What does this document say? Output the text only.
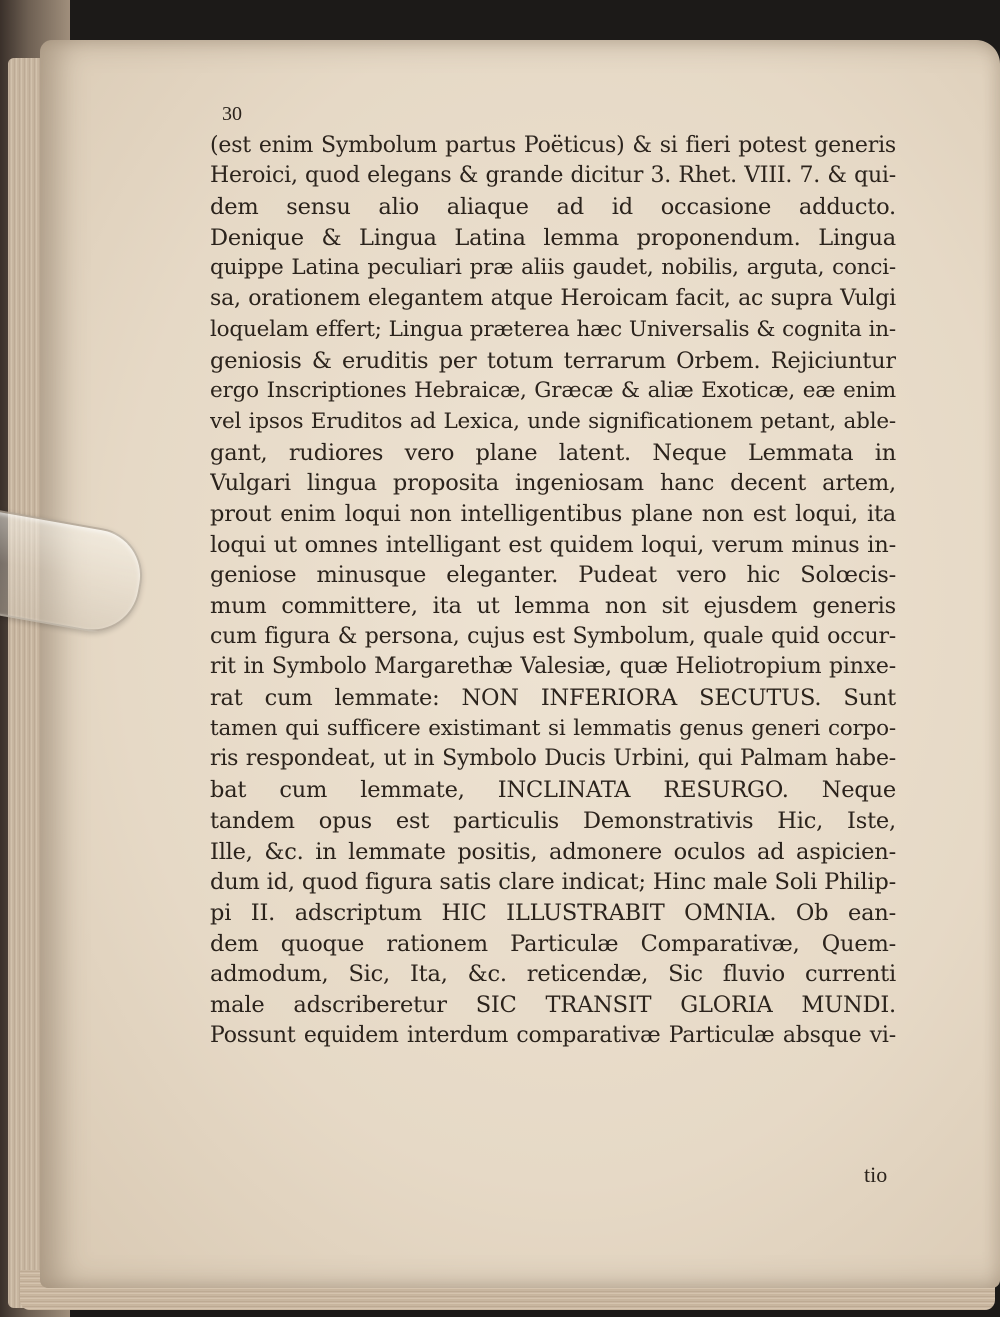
30
(est enim Symbolum partus Poëticus) & si fieri potest generis
Heroici, quod elegans & grande dicitur 3. Rhet. VIII. 7. & qui-
dem sensu alio aliaque ad id occasione adducto.
Denique & Lingua Latina lemma proponendum. Lingua
quippe Latina peculiari præ aliis gaudet, nobilis, arguta, conci-
sa, orationem elegantem atque Heroicam facit, ac supra Vulgi
loquelam effert; Lingua præterea hæc Universalis & cognita in-
geniosis & eruditis per totum terrarum Orbem. Rejiciuntur
ergo Inscriptiones Hebraicæ, Græcæ & aliæ Exoticæ, eæ enim
vel ipsos Eruditos ad Lexica, unde significationem petant, able-
gant, rudiores vero plane latent. Neque Lemmata in
Vulgari lingua proposita ingeniosam hanc decent artem,
prout enim loqui non intelligentibus plane non est loqui, ita
loqui ut omnes intelligant est quidem loqui, verum minus in-
geniose minusque eleganter. Pudeat vero hic Solœcis-
mum committere, ita ut lemma non sit ejusdem generis
cum figura & persona, cujus est Symbolum, quale quid occur-
rit in Symbolo Margarethæ Valesiæ, quæ Heliotropium pinxe-
rat cum lemmate: NON INFERIORA SECUTUS. Sunt
tamen qui sufficere existimant si lemmatis genus generi corpo-
ris respondeat, ut in Symbolo Ducis Urbini, qui Palmam habe-
bat cum lemmate, INCLINATA RESURGO. Neque
tandem opus est particulis Demonstrativis Hic, Iste,
Ille, &c. in lemmate positis, admonere oculos ad aspicien-
dum id, quod figura satis clare indicat; Hinc male Soli Philip-
pi II. adscriptum HIC ILLUSTRABIT OMNIA. Ob ean-
dem quoque rationem Particulæ Comparativæ, Quem-
admodum, Sic, Ita, &c. reticendæ, Sic fluvio currenti
male adscriberetur SIC TRANSIT GLORIA MUNDI.
Possunt equidem interdum comparativæ Particulæ absque vi-
tio
